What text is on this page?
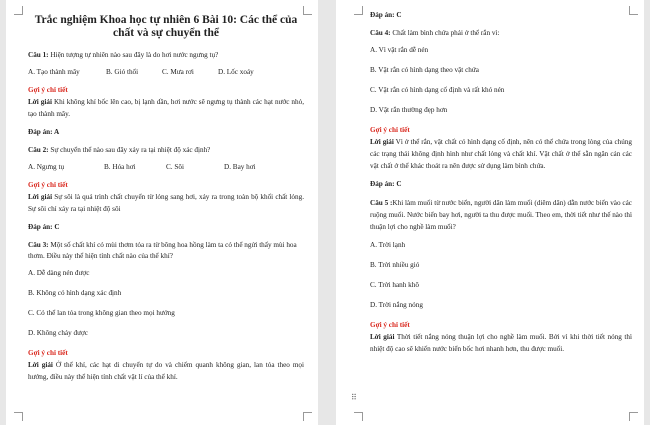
Trắc nghiệm Khoa học tự nhiên 6 Bài 10: Các thể của chất và sự chuyển thể
Câu 1: Hiện tượng tự nhiên nào sau đây là do hơi nước ngưng tụ?
A. Tạo thành mây	B. Gió thổi	C. Mưa rơi	D. Lốc xoáy
Gợi ý chi tiết
Lời giải Khi không khí bốc lên cao, bị lạnh dần, hơi nước sẽ ngưng tụ thành các hạt nước nhỏ, tạo thành mây.
Đáp án: A
Câu 2: Sự chuyển thể nào sau đây xảy ra tại nhiệt độ xác định?
A. Ngưng tụ	B. Hóa hơi	C. Sôi	D. Bay hơi
Gợi ý chi tiết
Lời giải Sự sôi là quá trình chất chuyển từ lỏng sang hơi, xảy ra trong toàn bộ khối chất lỏng. Sự sôi chỉ xảy ra tại nhiệt độ sôi
Đáp án: C
Câu 3: Một số chất khí có mùi thơm tỏa ra từ bông hoa hồng làm ta có thể ngửi thấy mùi hoa thơm. Điều này thể hiện tính chất nào của thể khí?
A. Dễ dàng nén được
B. Không có hình dạng xác định
C. Có thể lan tỏa trong không gian theo mọi hướng
D. Không chảy được
Gợi ý chi tiết
Lời giải Ở thể khí, các hạt di chuyển tự do và chiếm quanh không gian, lan tỏa theo mọi hướng, điều này thể hiện tính chất vật lí của thể khí.
Đáp án: C
Câu 4: Chất làm bình chứa phải ở thể rắn vì:
A. Vì vật rắn dễ nén
B. Vật rắn có hình dạng theo vật chứa
C. Vật rắn có hình dạng cố định và rất khó nén
D. Vật rắn thường đẹp hơn
Gợi ý chi tiết
Lời giải Vì ở thể rắn, vật chất có hình dạng cố định, nên có thể chứa trong lòng của chúng các trạng thái không định hình như chất lỏng và chất khí. Vật chất ở thể sẵn ngăn cản các vật chất ở thể khác thoát ra nên được sử dụng làm bình chứa.
Đáp án: C
Câu 5 :Khi làm muối từ nước biển, người dân làm muối (diêm dân) dẫn nước biển vào các ruộng muối. Nước biển bay hơi, người ta thu được muối. Theo em, thời tiết như thế nào thì thuận lợi cho nghề làm muối?
A. Trời lạnh
B. Trời nhiều gió
C. Trời hanh khô
D. Trời nắng nóng
Gợi ý chi tiết
Lời giải Thời tiết nắng nóng thuận lợi cho nghề làm muối. Bởi vì khi thời tiết nóng thì nhiệt độ cao sẽ khiến nước biển bốc hơi nhanh hơn, thu được muối.
⠿
